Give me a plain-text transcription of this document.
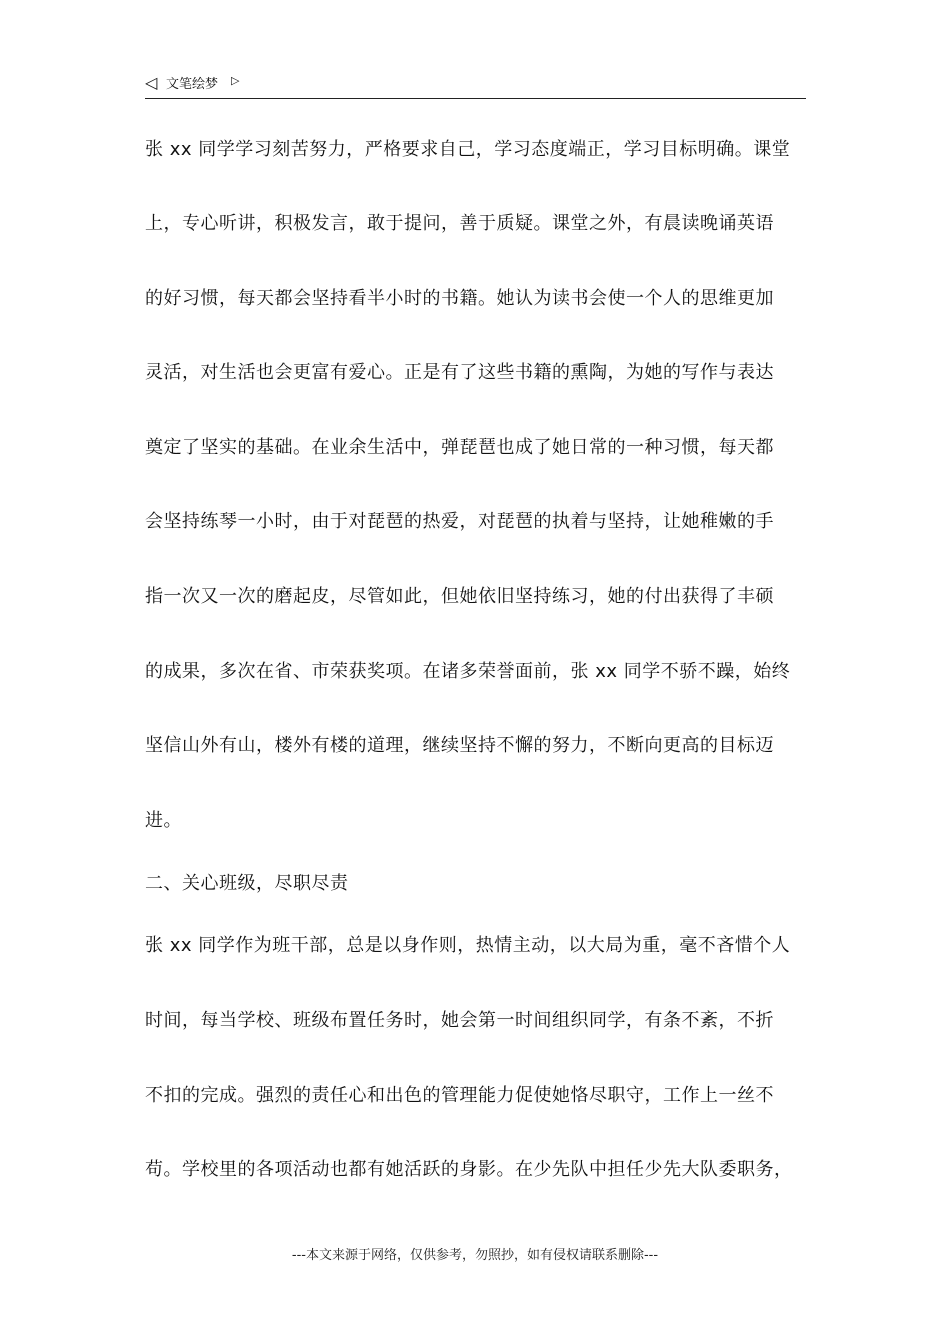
◁ 文笔绘梦 ▷
张 xx 同学学习刻苦努力，严格要求自己，学习态度端正，学习目标明确。课堂
上，专心听讲，积极发言，敢于提问，善于质疑。课堂之外，有晨读晚诵英语
的好习惯，每天都会坚持看半小时的书籍。她认为读书会使一个人的思维更加
灵活，对生活也会更富有爱心。正是有了这些书籍的熏陶，为她的写作与表达
奠定了坚实的基础。在业余生活中，弹琵琶也成了她日常的一种习惯，每天都
会坚持练琴一小时，由于对琵琶的热爱，对琵琶的执着与坚持，让她稚嫩的手
指一次又一次的磨起皮，尽管如此，但她依旧坚持练习，她的付出获得了丰硕
的成果，多次在省、市荣获奖项。在诸多荣誉面前，张 xx 同学不骄不躁，始终
坚信山外有山，楼外有楼的道理，继续坚持不懈的努力，不断向更高的目标迈
进。
二、关心班级，尽职尽责
张 xx 同学作为班干部，总是以身作则，热情主动，以大局为重，毫不吝惜个人
时间，每当学校、班级布置任务时，她会第一时间组织同学，有条不紊，不折
不扣的完成。强烈的责任心和出色的管理能力促使她恪尽职守，工作上一丝不
苟。学校里的各项活动也都有她活跃的身影。在少先队中担任少先大队委职务，
---本文来源于网络，仅供参考，勿照抄，如有侵权请联系删除---
